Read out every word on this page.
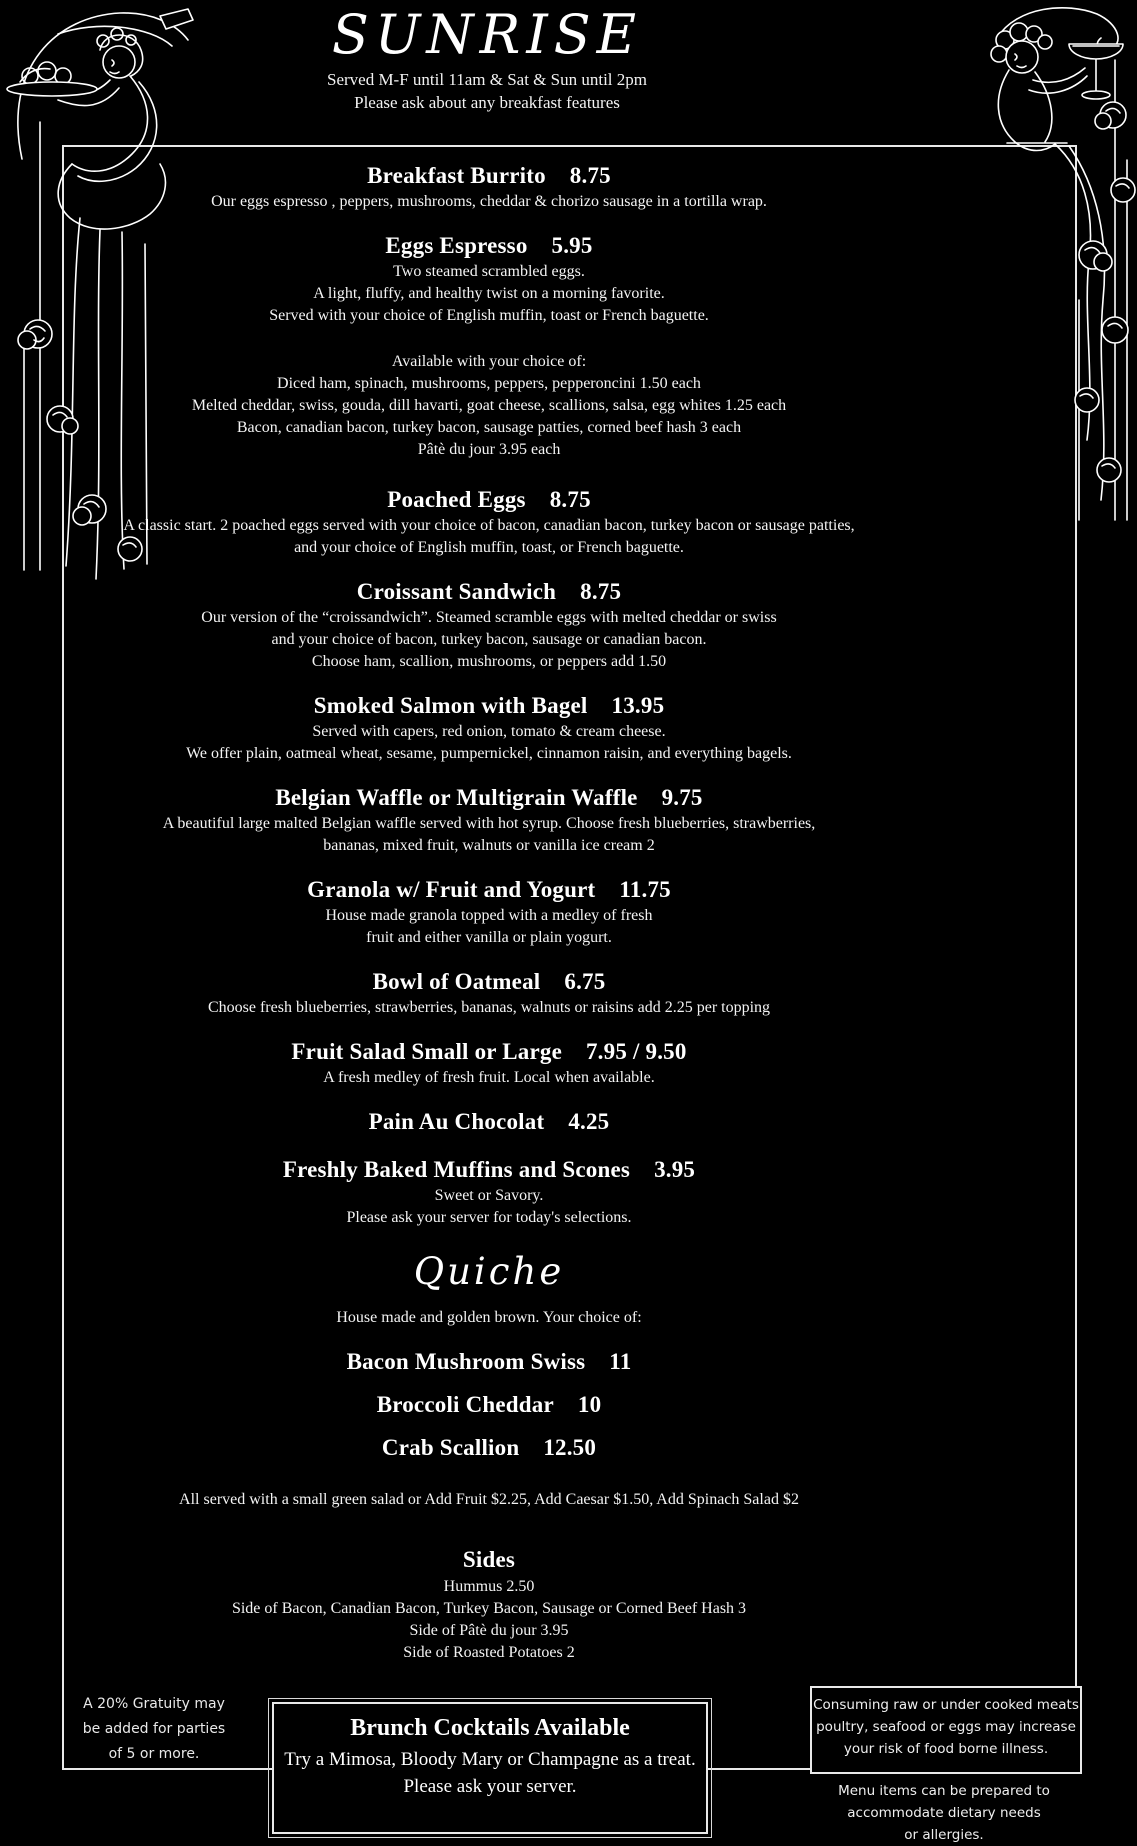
SUNRISE
Served M-F until 11am & Sat & Sun until 2pm
Please ask about any breakfast features
Breakfast Burrito 8.75
Our eggs espresso , peppers, mushrooms, cheddar & chorizo sausage in a tortilla wrap.
Eggs Espresso 5.95
Two steamed scrambled eggs.
A light, fluffy, and healthy twist on a morning favorite.
Served with your choice of English muffin, toast or French baguette.
Available with your choice of:
Diced ham, spinach, mushrooms, peppers, pepperoncini 1.50 each
Melted cheddar, swiss, gouda, dill havarti, goat cheese, scallions, salsa, egg whites 1.25 each
Bacon, canadian bacon, turkey bacon, sausage patties, corned beef hash 3 each
Pâtè du jour 3.95 each
Poached Eggs 8.75
A classic start. 2 poached eggs served with your choice of bacon, canadian bacon, turkey bacon or sausage patties,
and your choice of English muffin, toast, or French baguette.
Croissant Sandwich 8.75
Our version of the “croissandwich”. Steamed scramble eggs with melted cheddar or swiss
and your choice of bacon, turkey bacon, sausage or canadian bacon.
Choose ham, scallion, mushrooms, or peppers add 1.50
Smoked Salmon with Bagel 13.95
Served with capers, red onion, tomato & cream cheese.
We offer plain, oatmeal wheat, sesame, pumpernickel, cinnamon raisin, and everything bagels.
Belgian Waffle or Multigrain Waffle 9.75
A beautiful large malted Belgian waffle served with hot syrup. Choose fresh blueberries, strawberries,
bananas, mixed fruit, walnuts or vanilla ice cream 2
Granola w/ Fruit and Yogurt 11.75
House made granola topped with a medley of fresh
fruit and either vanilla or plain yogurt.
Bowl of Oatmeal 6.75
Choose fresh blueberries, strawberries, bananas, walnuts or raisins add 2.25 per topping
Fruit Salad Small or Large 7.95 / 9.50
A fresh medley of fresh fruit. Local when available.
Pain Au Chocolat 4.25
Freshly Baked Muffins and Scones 3.95
Sweet or Savory.
Please ask your server for today's selections.
Quiche
House made and golden brown. Your choice of:
Bacon Mushroom Swiss 11
Broccoli Cheddar 10
Crab Scallion 12.50
All served with a small green salad or Add Fruit $2.25, Add Caesar $1.50, Add Spinach Salad $2
Sides
Hummus 2.50
Side of Bacon, Canadian Bacon, Turkey Bacon, Sausage or Corned Beef Hash 3
Side of Pâtè du jour 3.95
Side of Roasted Potatoes 2
A 20% Gratuity may
be added for parties
of 5 or more.
Brunch Cocktails Available
Try a Mimosa, Bloody Mary or Champagne as a treat.
Please ask your server.
Consuming raw or under cooked meats
poultry, seafood or eggs may increase
your risk of food borne illness.
Menu items can be prepared to
accommodate dietary needs
or allergies.
